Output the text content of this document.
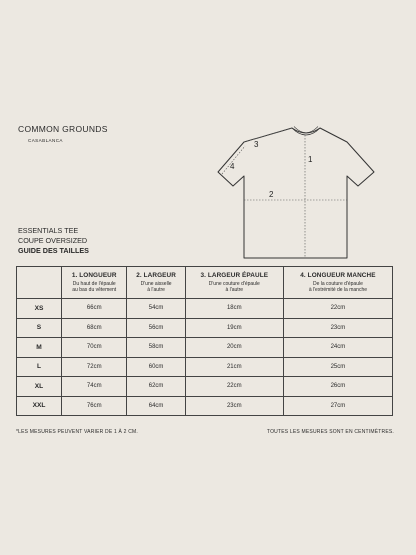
COMMON GROUNDS
CASABLANCA
ESSENTIALS TEE
COUPE OVERSIZED
GUIDE DES TAILLES
1
2
3
4

	1. LONGUEUR
Du haut de l'épaule
au bas du vêtement	2. LARGEUR
D'une aisselle
à l'autre	3. LARGEUR ÉPAULE
D'une couture d'épaule
à l'autre	4. LONGUEUR MANCHE
De la couture d'épaule
à l'extrémité de la manche

XS	66cm	54cm	18cm	22cm
S	68cm	56cm	19cm	23cm
M	70cm	58cm	20cm	24cm
L	72cm	60cm	21cm	25cm
XL	74cm	62cm	22cm	26cm
XXL	76cm	64cm	23cm	27cm
*LES MESURES PEUVENT VARIER DE 1 À 2 CM.	TOUTES LES MESURES SONT EN CENTIMÈTRES.
